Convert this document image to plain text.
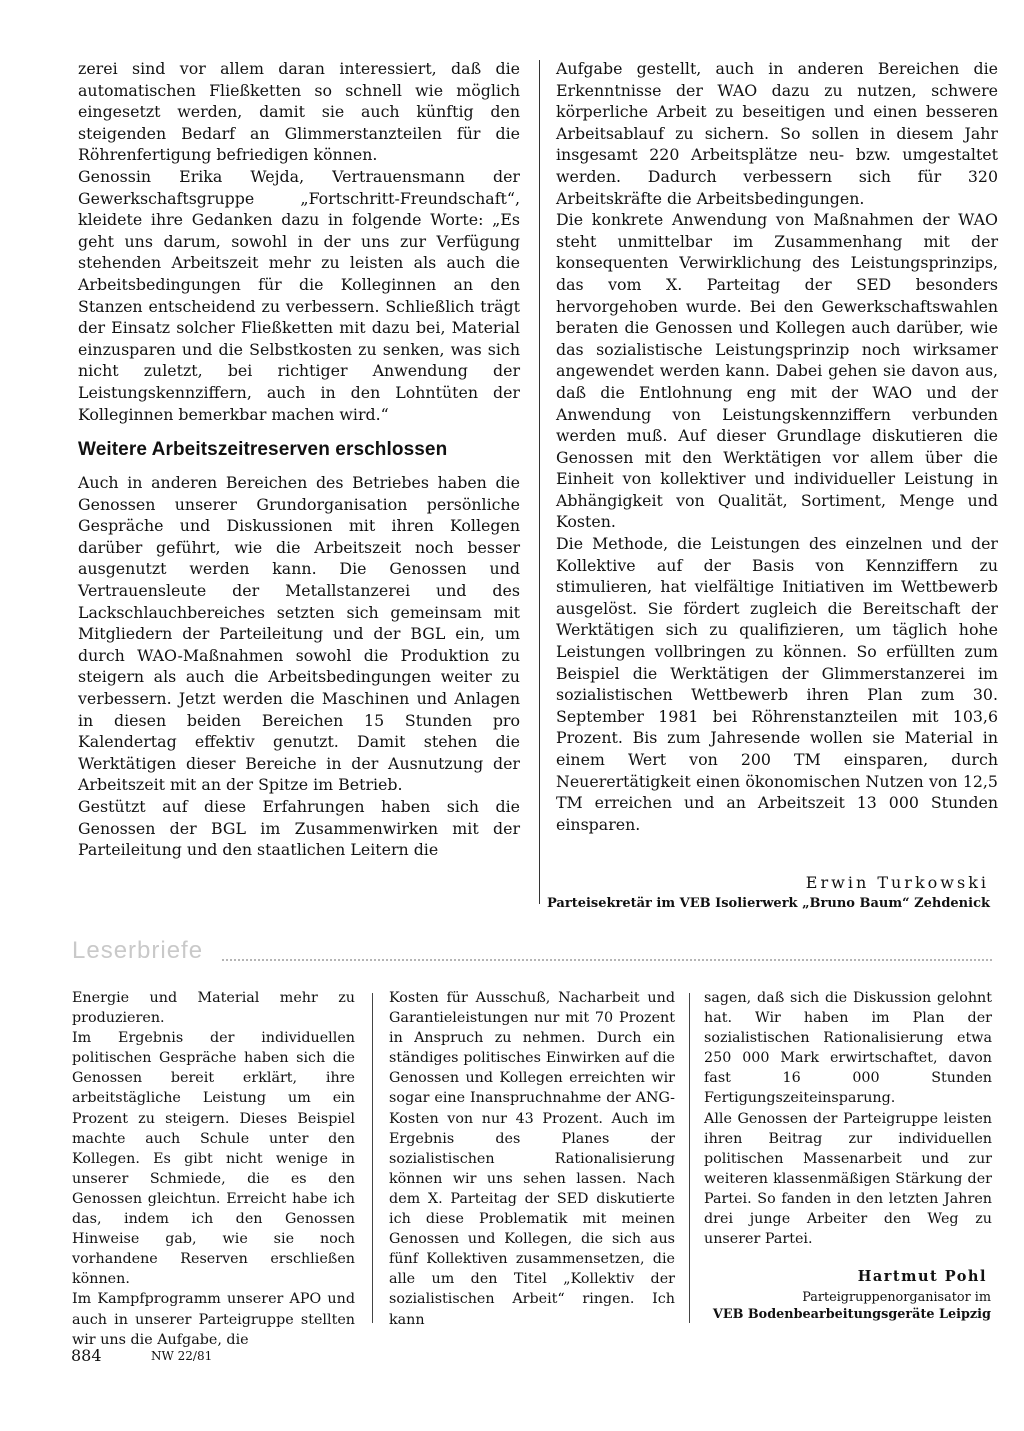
zerei sind vor allem daran interessiert, daß die automatischen Fließketten so schnell wie möglich eingesetzt werden, damit sie auch künftig den steigenden Bedarf an Glimmerstanzteilen für die Röhrenfertigung befriedigen können.

Genossin Erika Wejda, Vertrauensmann der Gewerkschaftsgruppe „Fortschritt-Freundschaft“, kleidete ihre Gedanken dazu in folgende Worte: „Es geht uns darum, sowohl in der uns zur Verfügung stehenden Arbeitszeit mehr zu leisten als auch die Arbeitsbedingungen für die Kolleginnen an den Stanzen entscheidend zu verbessern. Schließlich trägt der Einsatz solcher Fließketten mit dazu bei, Material einzusparen und die Selbstkosten zu senken, was sich nicht zuletzt, bei richtiger Anwendung der Leistungskennziffern, auch in den Lohntüten der Kolleginnen bemerkbar machen wird.“

Weitere Arbeitszeitreserven erschlossen

Auch in anderen Bereichen des Betriebes haben die Genossen unserer Grundorganisation persönliche Gespräche und Diskussionen mit ihren Kollegen darüber geführt, wie die Arbeitszeit noch besser ausgenutzt werden kann. Die Genossen und Vertrauensleute der Metallstanzerei und des Lackschlauchbereiches setzten sich gemeinsam mit Mitgliedern der Parteileitung und der BGL ein, um durch WAO-Maßnahmen sowohl die Produktion zu steigern als auch die Arbeitsbedingungen weiter zu verbessern. Jetzt werden die Maschinen und Anlagen in diesen beiden Bereichen 15 Stunden pro Kalendertag effektiv genutzt. Damit stehen die Werktätigen dieser Bereiche in der Ausnutzung der Arbeitszeit mit an der Spitze im Betrieb.

Gestützt auf diese Erfahrungen haben sich die Genossen der BGL im Zusammenwirken mit der Parteileitung und den staatlichen Leitern die

Aufgabe gestellt, auch in anderen Bereichen die Erkenntnisse der WAO dazu zu nutzen, schwere körperliche Arbeit zu beseitigen und einen besseren Arbeitsablauf zu sichern. So sollen in diesem Jahr insgesamt 220 Arbeitsplätze neu- bzw. umgestaltet werden. Dadurch verbessern sich für 320 Arbeitskräfte die Arbeitsbedingungen.

Die konkrete Anwendung von Maßnahmen der WAO steht unmittelbar im Zusammenhang mit der konsequenten Verwirklichung des Leistungsprinzips, das vom X. Parteitag der SED besonders hervorgehoben wurde. Bei den Gewerkschaftswahlen beraten die Genossen und Kollegen auch darüber, wie das sozialistische Leistungsprinzip noch wirksamer angewendet werden kann. Dabei gehen sie davon aus, daß die Entlohnung eng mit der WAO und der Anwendung von Leistungskennziffern verbunden werden muß. Auf dieser Grundlage diskutieren die Genossen mit den Werktätigen vor allem über die Einheit von kollektiver und individueller Leistung in Abhängigkeit von Qualität, Sortiment, Menge und Kosten.

Die Methode, die Leistungen des einzelnen und der Kollektive auf der Basis von Kennziffern zu stimulieren, hat vielfältige Initiativen im Wettbewerb ausgelöst. Sie fördert zugleich die Bereitschaft der Werktätigen sich zu qualifizieren, um täglich hohe Leistungen vollbringen zu können. So erfüllten zum Beispiel die Werktätigen der Glimmerstanzerei im sozialistischen Wettbewerb ihren Plan zum 30. September 1981 bei Röhrenstanzteilen mit 103,6 Prozent. Bis zum Jahresende wollen sie Material in einem Wert von 200 TM einsparen, durch Neuerertätigkeit einen ökonomischen Nutzen von 12,5 TM erreichen und an Arbeitszeit 13 000 Stunden einsparen.

Erwin Turkowski
Parteisekretär im VEB Isolierwerk „Bruno Baum“ Zehdenick
Leserbriefe

Energie und Material mehr zu produzieren.

Im Ergebnis der individuellen politischen Gespräche haben sich die Genossen bereit erklärt, ihre arbeitstägliche Leistung um ein Prozent zu steigern. Dieses Beispiel machte auch Schule unter den Kollegen. Es gibt nicht wenige in unserer Schmiede, die es den Genossen gleichtun. Erreicht habe ich das, indem ich den Genossen Hinweise gab, wie sie noch vorhandene Reserven erschließen können.

Im Kampfprogramm unserer APO und auch in unserer Parteigruppe stellten wir uns die Aufgabe, die

Kosten für Ausschuß, Nacharbeit und Garantieleistungen nur mit 70 Prozent in Anspruch zu nehmen. Durch ein ständiges politisches Einwirken auf die Genossen und Kollegen erreichten wir sogar eine Inanspruchnahme der ANG-Kosten von nur 43 Prozent. Auch im Ergebnis des Planes der sozialistischen Rationalisierung können wir uns sehen lassen. Nach dem X. Parteitag der SED diskutierte ich diese Problematik mit meinen Genossen und Kollegen, die sich aus fünf Kollektiven zusammensetzen, die alle um den Titel „Kollektiv der sozialistischen Arbeit“ ringen. Ich kann

sagen, daß sich die Diskussion gelohnt hat. Wir haben im Plan der sozialistischen Rationalisierung etwa 250 000 Mark erwirtschaftet, davon fast 16 000 Stunden Fertigungszeiteinsparung.

Alle Genossen der Parteigruppe leisten ihren Beitrag zur individuellen politischen Massenarbeit und zur weiteren klassenmäßigen Stärkung der Partei. So fanden in den letzten Jahren drei junge Arbeiter den Weg zu unserer Partei.

Hartmut Pohl
Parteigruppenorganisator im
VEB Bodenbearbeitungsgeräte Leipzig
884	NW 22/81
